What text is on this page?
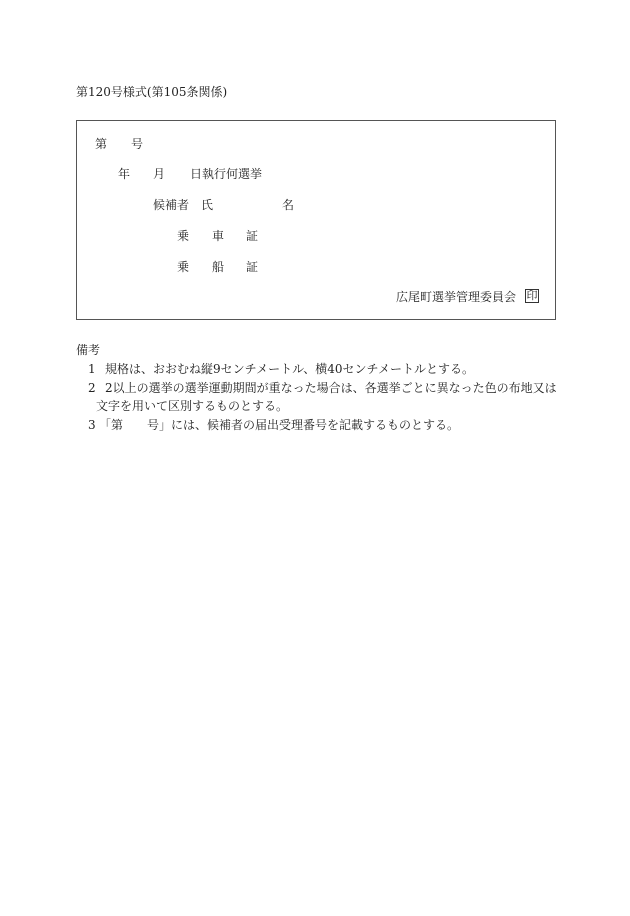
第120号様式(第105条関係)
第 号
年 月 日執行何選挙
候補者 氏	名
乗 車 証
乗 船 証
広尾町選挙管理委員会 印
備考
1 規格は、おおむね縦9センチメートル、横40センチメートルとする。
2 2以上の選挙の選挙運動期間が重なった場合は、各選挙ごとに異なった色の布地又は
文字を用いて区別するものとする。
3 「第　　号」には、候補者の届出受理番号を記載するものとする。
